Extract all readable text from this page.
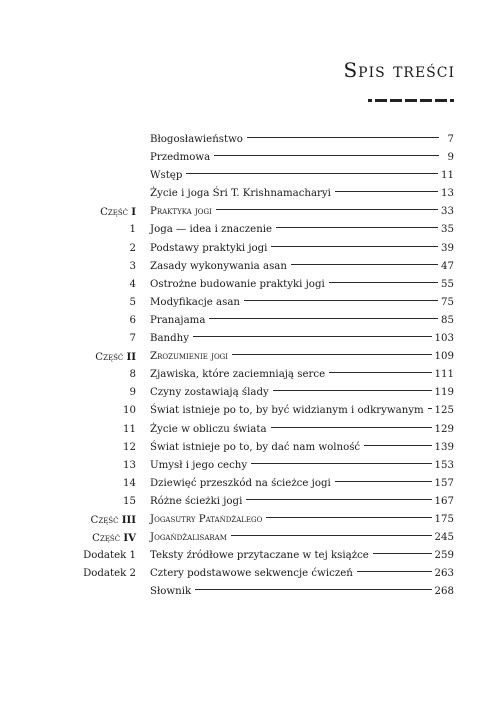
Spis treści
Błogosławieństwo	7
Przedmowa	9
Wstęp	11
Życie i joga Śri T. Krishnamacharyi	13
Część I Praktyka jogi	33
1 Joga — idea i znaczenie	35
2 Podstawy praktyki jogi	39
3 Zasady wykonywania asan	47
4 Ostrożne budowanie praktyki jogi	55
5 Modyfikacje asan	75
6 Pranajama	85
7 Bandhy	103
Część II Zrozumienie jogi	109
8 Zjawiska, które zaciemniają serce	111
9 Czyny zostawiają ślady	119
10 Świat istnieje po to, by być widzianym i odkrywanym 125
11 Życie w obliczu świata	129
12 Świat istnieje po to, by dać nam wolność	139
13 Umysł i jego cechy	153
14 Dziewięć przeszkód na ścieżce jogi	157
15 Różne ścieżki jogi	167
Część III Jogasutry Patańdżalego	175
Część IV Jogańdżalisaram	245
Dodatek 1 Teksty źródłowe przytaczane w tej książce	259
Dodatek 2 Cztery podstawowe sekwencje ćwiczeń	263
Słownik	268
